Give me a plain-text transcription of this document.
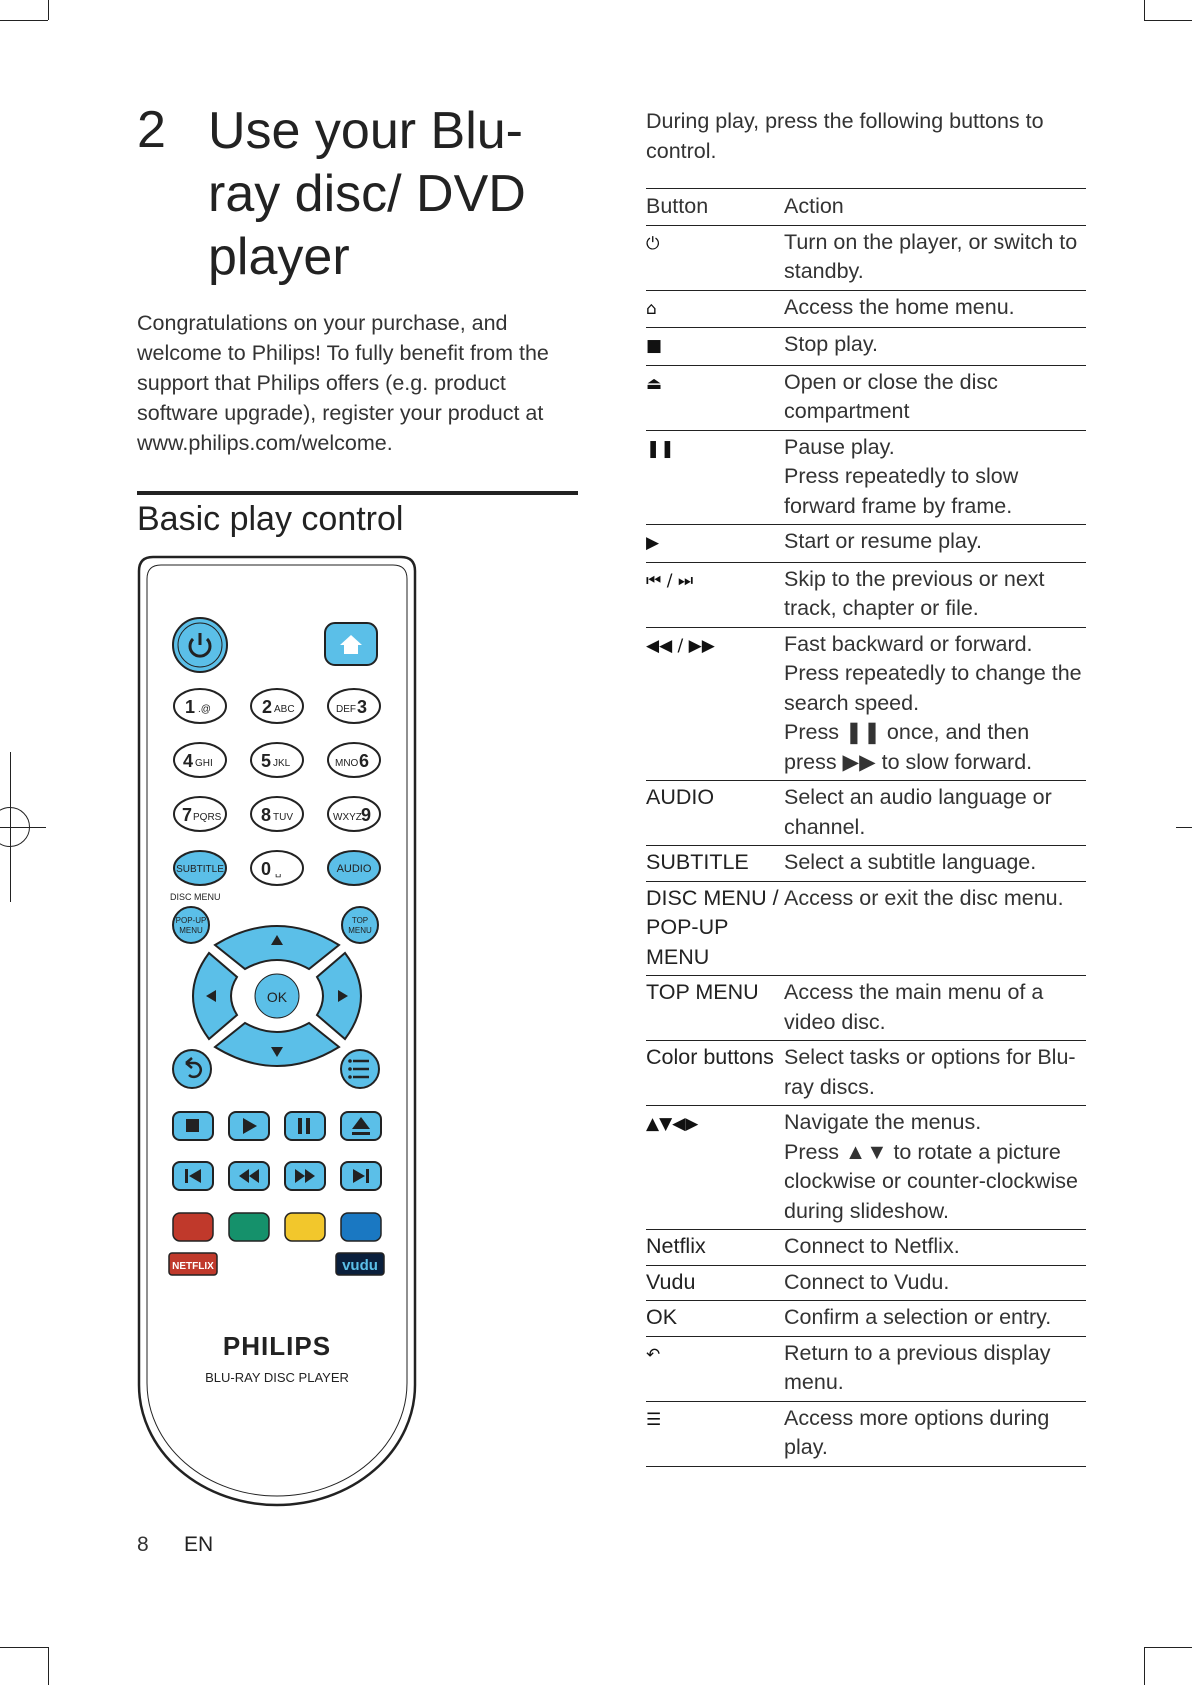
2 Use your Blu-ray disc/ DVD player
Congratulations on your purchase, and welcome to Philips! To fully benefit from the support that Philips offers (e.g. product software upgrade), register your product at www.philips.com/welcome.
Basic play control
1 .@	2 ABC	DEF 3
4 GHI	5 JKL	MNO 6
7 PQRS 8 TUV	WXYZ 9
SUBTITLE 0 ␣	AUDIO
DISC MENU
POP-UP
MENU
TOP
MENU
OK
NETFLIX	vudu
PHILIPS
BLU-RAY DISC PLAYER
During play, press the following buttons to control.
Button	Action
⏻	Turn on the player, or switch to standby.

⌂	Access the home menu.

■	Stop play.

⏏	Open or close the disc compartment

❚❚	Pause play.
Press repeatedly to slow forward frame by frame.

▶	Start or resume play.

⏮ / ⏭	Skip to the previous or next track, chapter or file.

◀◀ / ▶▶	Fast backward or forward.
Press repeatedly to change the search speed.
Press ❚❚ once, and then press ▶▶ to slow forward.

AUDIO	Select an audio language or channel.

SUBTITLE	Select a subtitle language.

DISC MENU / POP-UP MENU	Access or exit the disc menu.

TOP MENU	Access the main menu of a video disc.

Color buttons	Select tasks or options for Blu-ray discs.

▲▼◀▶	Navigate the menus.
Press ▲▼ to rotate a picture clockwise or counter-clockwise during slideshow.

Netflix	Connect to Netflix.

Vudu	Connect to Vudu.

OK	Confirm a selection or entry.

↶	Return to a previous display menu.

☰	Access more options during play.
8 EN
